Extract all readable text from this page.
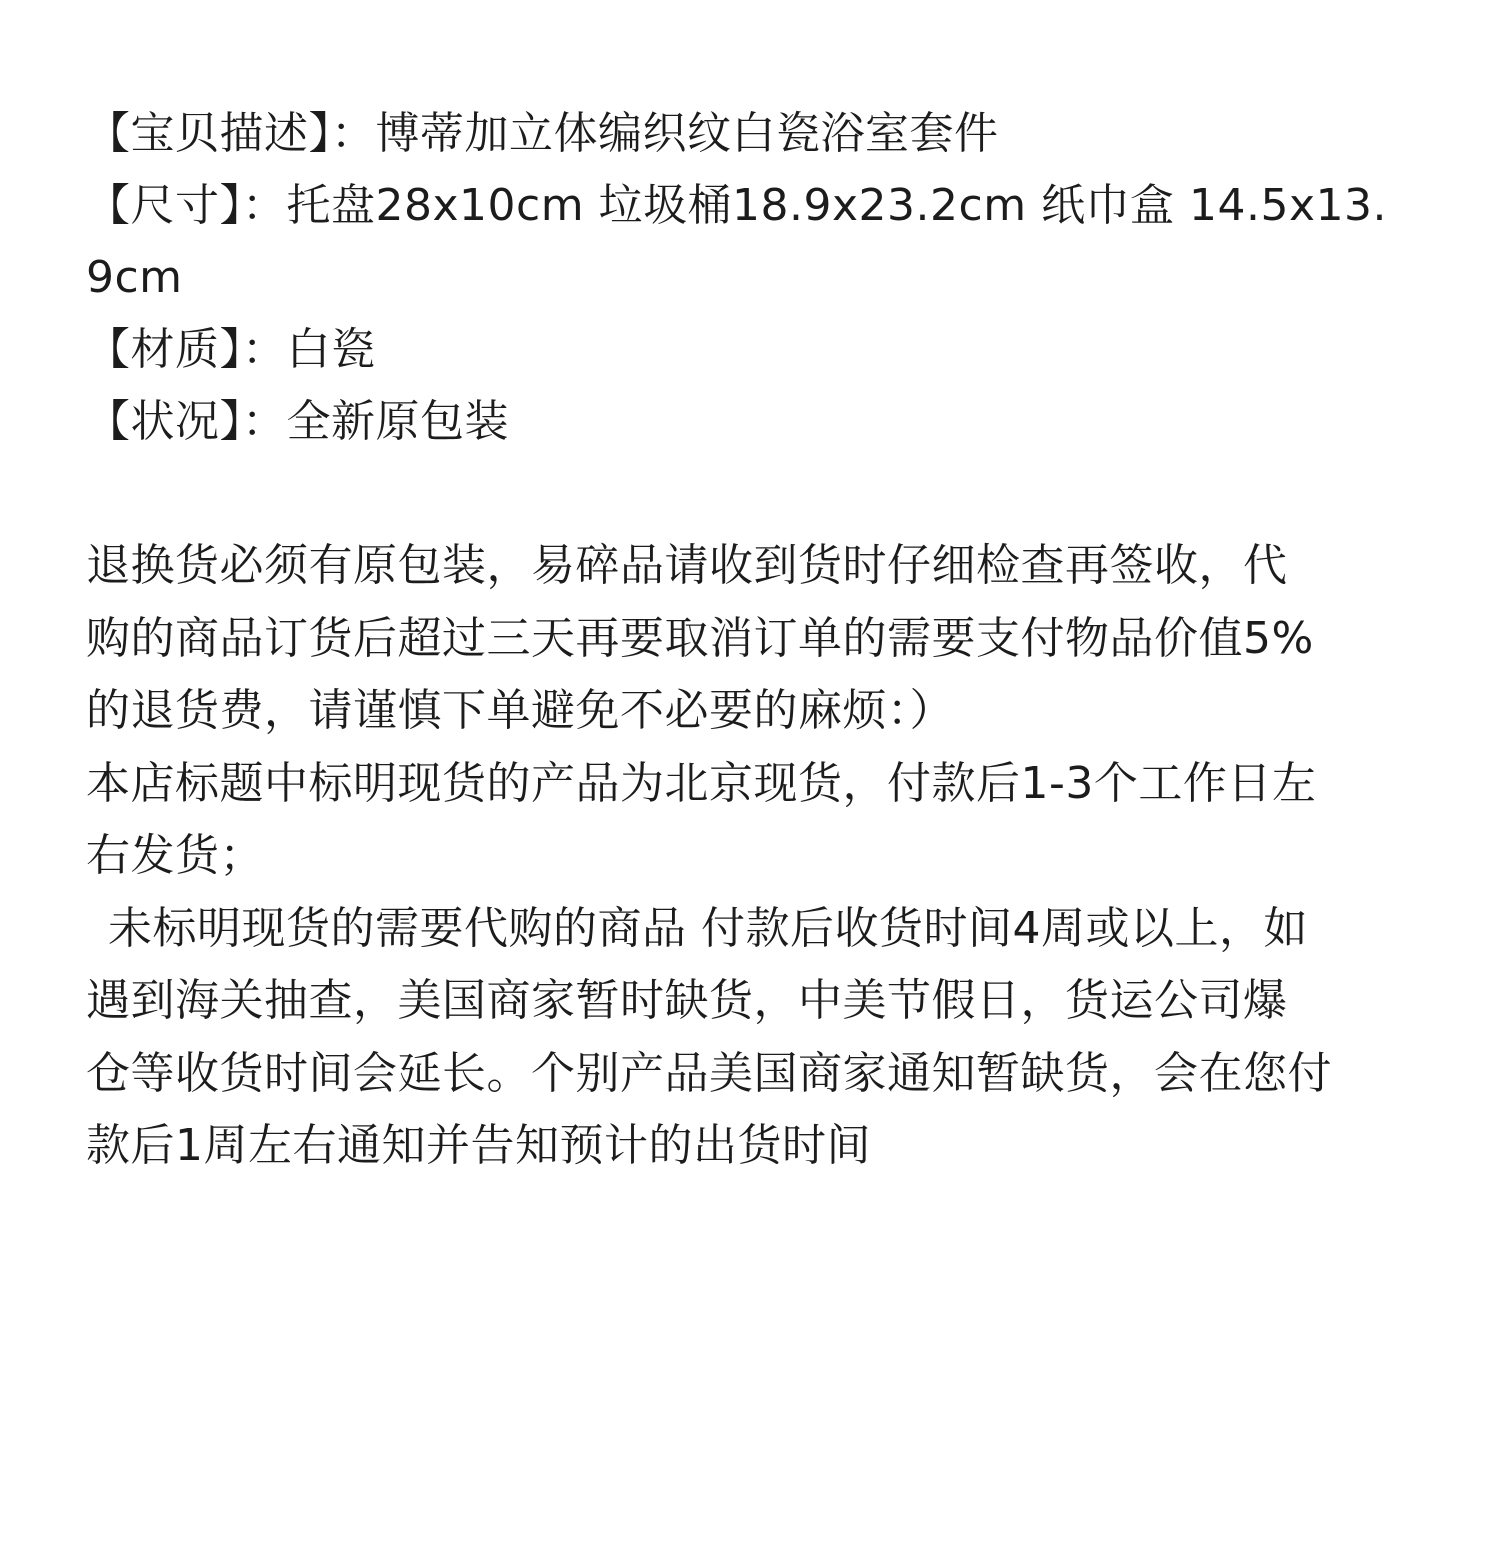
【宝贝描述】：博蒂加立体编织纹白瓷浴室套件

【尺寸】：托盘28x10cm 垃圾桶18.9x23.2cm 纸巾盒 14.5x13.

9cm

【材质】：白瓷

【状况】：全新原包装

退换货必须有原包装，易碎品请收到货时仔细检查再签收，代

购的商品订货后超过三天再要取消订单的需要支付物品价值5%

的退货费，请谨慎下单避免不必要的麻烦：）

本店标题中标明现货的产品为北京现货，付款后1-3个工作日左

右发货；

未标明现货的需要代购的商品 付款后收货时间4周或以上，如

遇到海关抽查，美国商家暂时缺货，中美节假日，货运公司爆

仓等收货时间会延长。个别产品美国商家通知暂缺货，会在您付

款后1周左右通知并告知预计的出货时间
